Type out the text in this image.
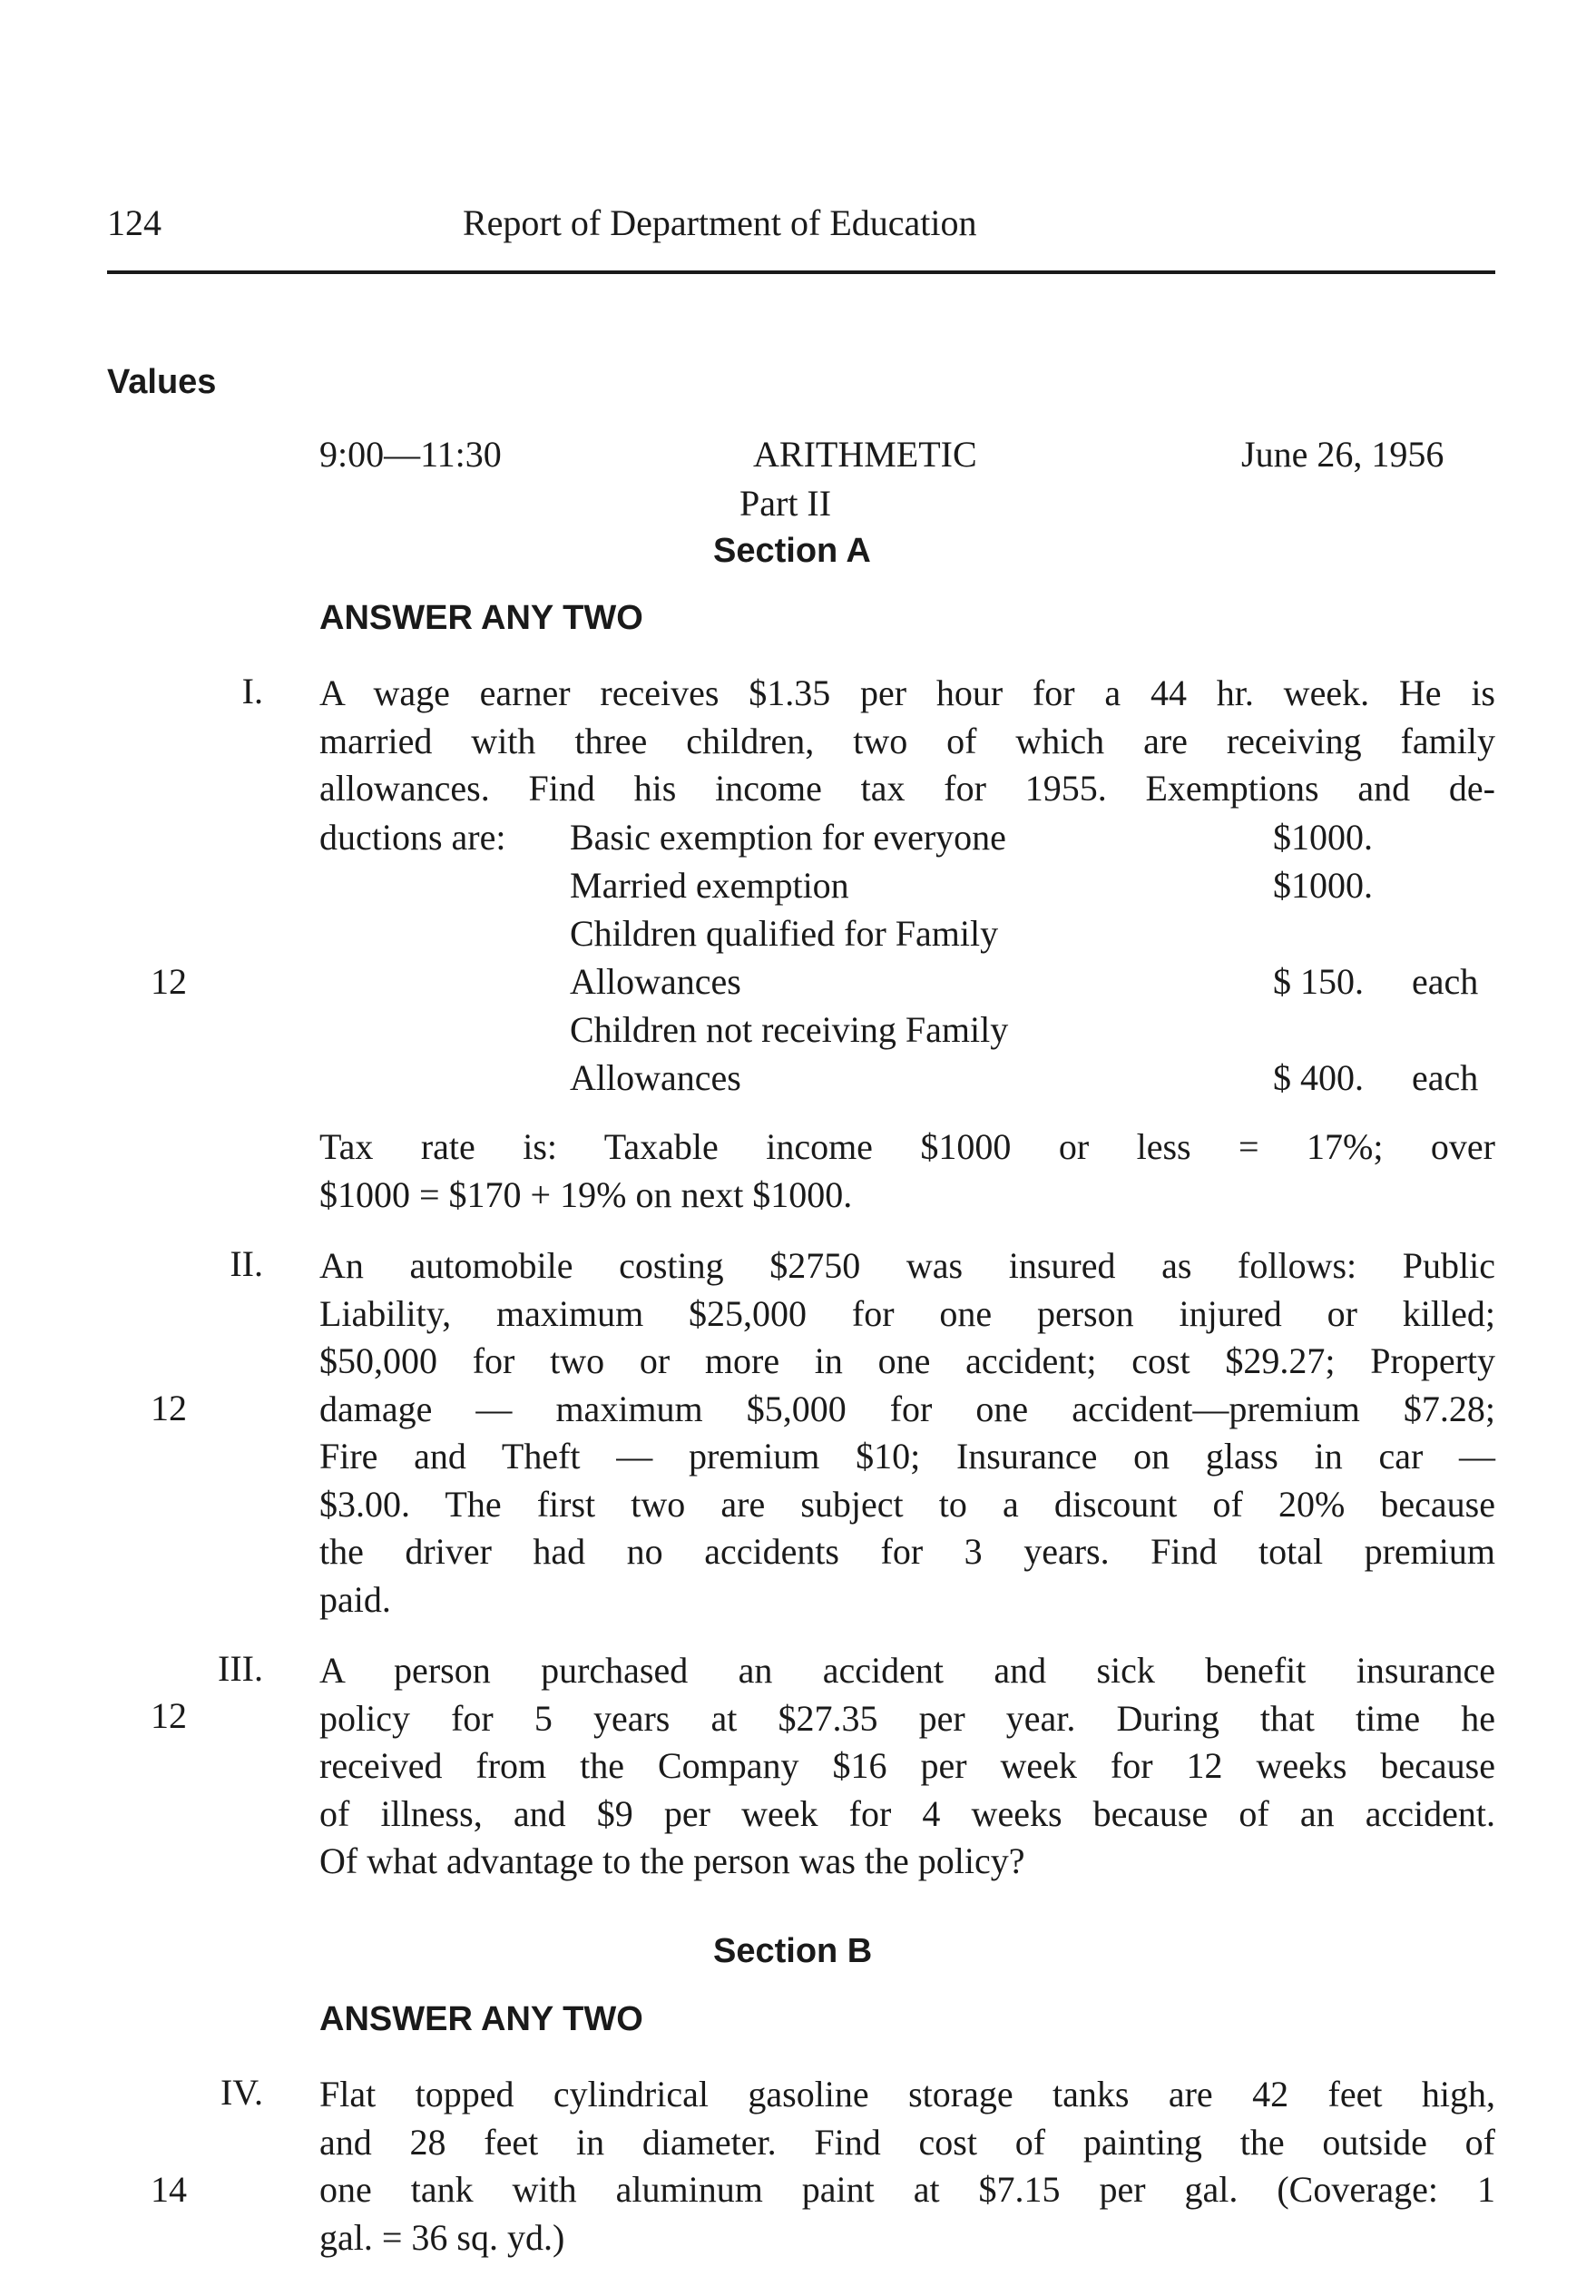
124	Report of Department of Education
Values
9:00—11:30	ARITHMETIC	June 26, 1956
Part II
Section A
ANSWER ANY TWO
I.
12
A wage earner receives $1.35 per hour for a 44 hr. week. He is
married with three children, two of which are receiving family
allowances. Find his income tax for 1955. Exemptions and de-
ductions are: Basic exemption for everyone	$1000.
Married exemption	$1000.
Children qualified for Family
Allowances	$ 150. each
Children not receiving Family
Allowances	$ 400. each
Tax rate is: Taxable income $1000 or less = 17%; over
$1000 = $170 + 19% on next $1000.
II.
12
An automobile costing $2750 was insured as follows: Public
Liability, maximum $25,000 for one person injured or killed;
$50,000 for two or more in one accident; cost $29.27; Property
damage — maximum $5,000 for one accident—premium $7.28;
Fire and Theft — premium $10; Insurance on glass in car —
$3.00. The first two are subject to a discount of 20% because
the driver had no accidents for 3 years. Find total premium
paid.
III.
12
A person purchased an accident and sick benefit insurance
policy for 5 years at $27.35 per year. During that time he
received from the Company $16 per week for 12 weeks because
of illness, and $9 per week for 4 weeks because of an accident.
Of what advantage to the person was the policy?
Section B
ANSWER ANY TWO
IV.
14
Flat topped cylindrical gasoline storage tanks are 42 feet high,
and 28 feet in diameter. Find cost of painting the outside of
one tank with aluminum paint at $7.15 per gal. (Coverage: 1
gal. = 36 sq. yd.)
